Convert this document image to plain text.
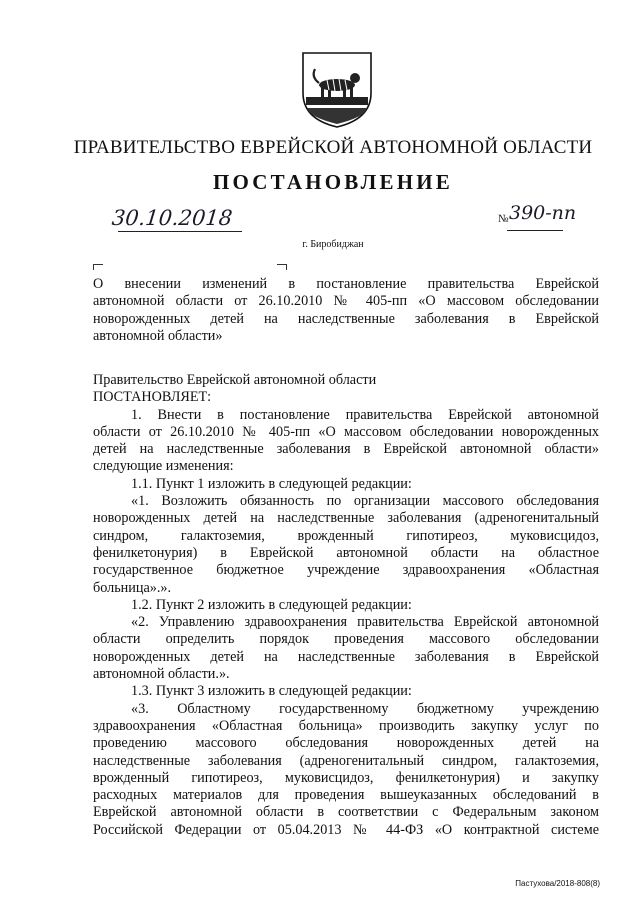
ПРАВИТЕЛЬСТВО ЕВРЕЙСКОЙ АВТОНОМНОЙ ОБЛАСТИ
ПОСТАНОВЛЕНИЕ
30.10.2018	№ 390-пп
г. Биробиджан
О внесении изменений в постановление правительства Еврейской
автономной области от 26.10.2010 № 405-пп «О массовом обследовании
новорожденных детей на наследственные заболевания в Еврейской
автономной области»
Правительство Еврейской автономной области
ПОСТАНОВЛЯЕТ:
1. Внести в постановление правительства Еврейской автономной
области от 26.10.2010 № 405-пп «О массовом обследовании новорожденных
детей на наследственные заболевания в Еврейской автономной области»
следующие изменения:
1.1. Пункт 1 изложить в следующей редакции:
«1. Возложить обязанность по организации массового обследования
новорожденных детей на наследственные заболевания (адреногенитальный
синдром, галактоземия, врожденный гипотиреоз, муковисцидоз,
фенилкетонурия) в Еврейской автономной области на областное
государственное бюджетное учреждение здравоохранения «Областная
больница».».
1.2. Пункт 2 изложить в следующей редакции:
«2. Управлению здравоохранения правительства Еврейской автономной
области определить порядок проведения массового обследовании
новорожденных детей на наследственные заболевания в Еврейской
автономной области.».
1.3. Пункт 3 изложить в следующей редакции:
«3. Областному государственному бюджетному учреждению
здравоохранения «Областная больница» производить закупку услуг по
проведению массового обследования новорожденных детей на
наследственные заболевания (адреногенитальный синдром, галактоземия,
врожденный гипотиреоз, муковисцидоз, фенилкетонурия) и закупку
расходных материалов для проведения вышеуказанных обследований в
Еврейской автономной области в соответствии с Федеральным законом
Российской Федерации от 05.04.2013 № 44-ФЗ «О контрактной системе
Пастухова/2018-808(8)
